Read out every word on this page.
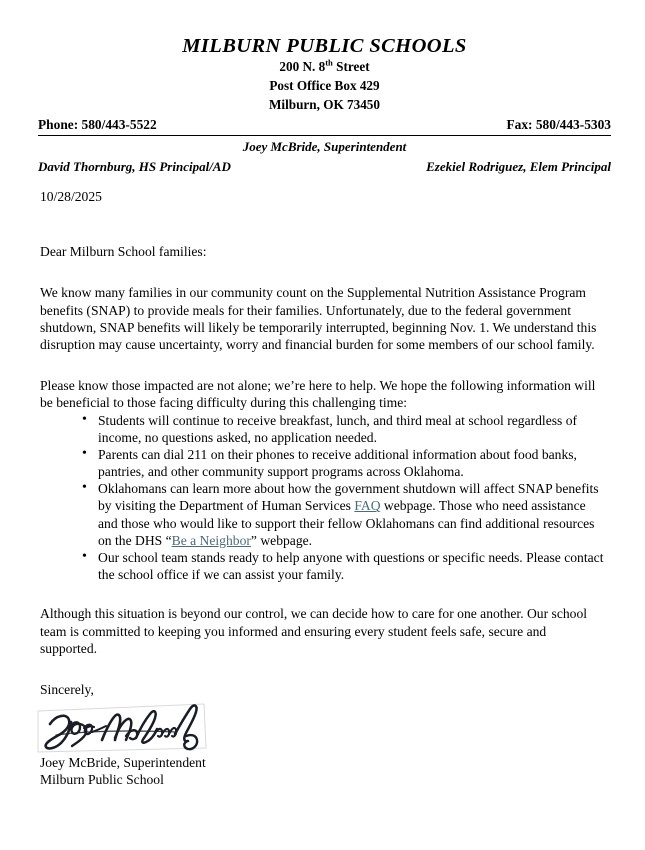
MILBURN PUBLIC SCHOOLS
200 N. 8th Street
Post Office Box 429
Milburn, OK 73450
Phone: 580/443-5522	Fax: 580/443-5303
Joey McBride, Superintendent
David Thornburg, HS Principal/AD	Ezekiel Rodriguez, Elem Principal

10/28/2025

Dear Milburn School families:

We know many families in our community count on the Supplemental Nutrition Assistance Program benefits (SNAP) to provide meals for their families. Unfortunately, due to the federal government shutdown, SNAP benefits will likely be temporarily interrupted, beginning Nov. 1. We understand this disruption may cause uncertainty, worry and financial burden for some members of our school family.

Please know those impacted are not alone; we’re here to help. We hope the following information will be beneficial to those facing difficulty during this challenging time:

• Students will continue to receive breakfast, lunch, and third meal at school regardless of income, no questions asked, no application needed.
• Parents can dial 211 on their phones to receive additional information about food banks, pantries, and other community support programs across Oklahoma.
• Oklahomans can learn more about how the government shutdown will affect SNAP benefits by visiting the Department of Human Services FAQ webpage. Those who need assistance and those who would like to support their fellow Oklahomans can find additional resources on the DHS “Be a Neighbor” webpage.
• Our school team stands ready to help anyone with questions or specific needs. Please contact the school office if we can assist your family.

Although this situation is beyond our control, we can decide how to care for one another. Our school team is committed to keeping you informed and ensuring every student feels safe, secure and supported.

Sincerely,

Joey McBride, Superintendent

Milburn Public School
